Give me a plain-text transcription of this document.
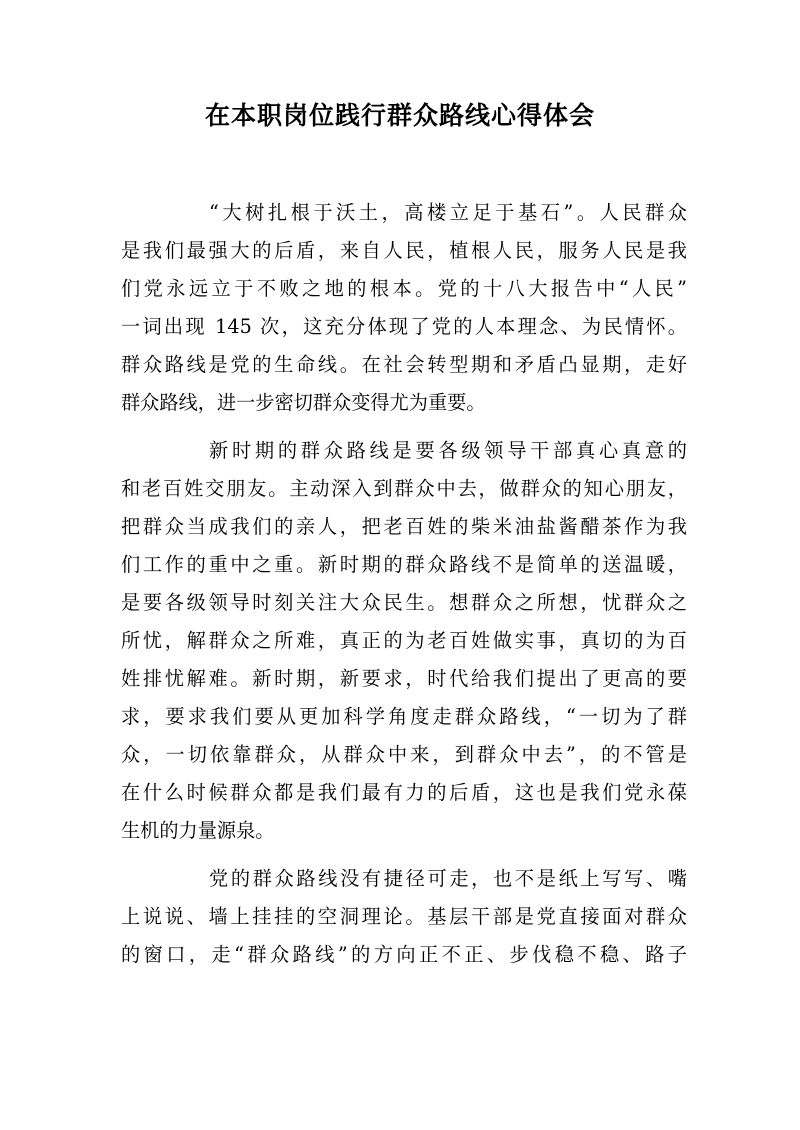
在本职岗位践行群众路线心得体会
“大树扎根于沃土，高楼立足于基石”。人民群众
是我们最强大的后盾，来自人民，植根人民，服务人民是我
们党永远立于不败之地的根本。党的十八大报告中“人民”
一词出现 145 次，这充分体现了党的人本理念、为民情怀。
群众路线是党的生命线。在社会转型期和矛盾凸显期，走好
群众路线，进一步密切群众变得尤为重要。
新时期的群众路线是要各级领导干部真心真意的
和老百姓交朋友。主动深入到群众中去，做群众的知心朋友，
把群众当成我们的亲人，把老百姓的柴米油盐酱醋茶作为我
们工作的重中之重。新时期的群众路线不是简单的送温暖，
是要各级领导时刻关注大众民生。想群众之所想，忧群众之
所忧，解群众之所难，真正的为老百姓做实事，真切的为百
姓排忧解难。新时期，新要求，时代给我们提出了更高的要
求，要求我们要从更加科学角度走群众路线，“一切为了群
众，一切依靠群众，从群众中来，到群众中去”，的不管是
在什么时候群众都是我们最有力的后盾，这也是我们党永葆
生机的力量源泉。
党的群众路线没有捷径可走，也不是纸上写写、嘴
上说说、墙上挂挂的空洞理论。基层干部是党直接面对群众
的窗口，走“群众路线”的方向正不正、步伐稳不稳、路子
